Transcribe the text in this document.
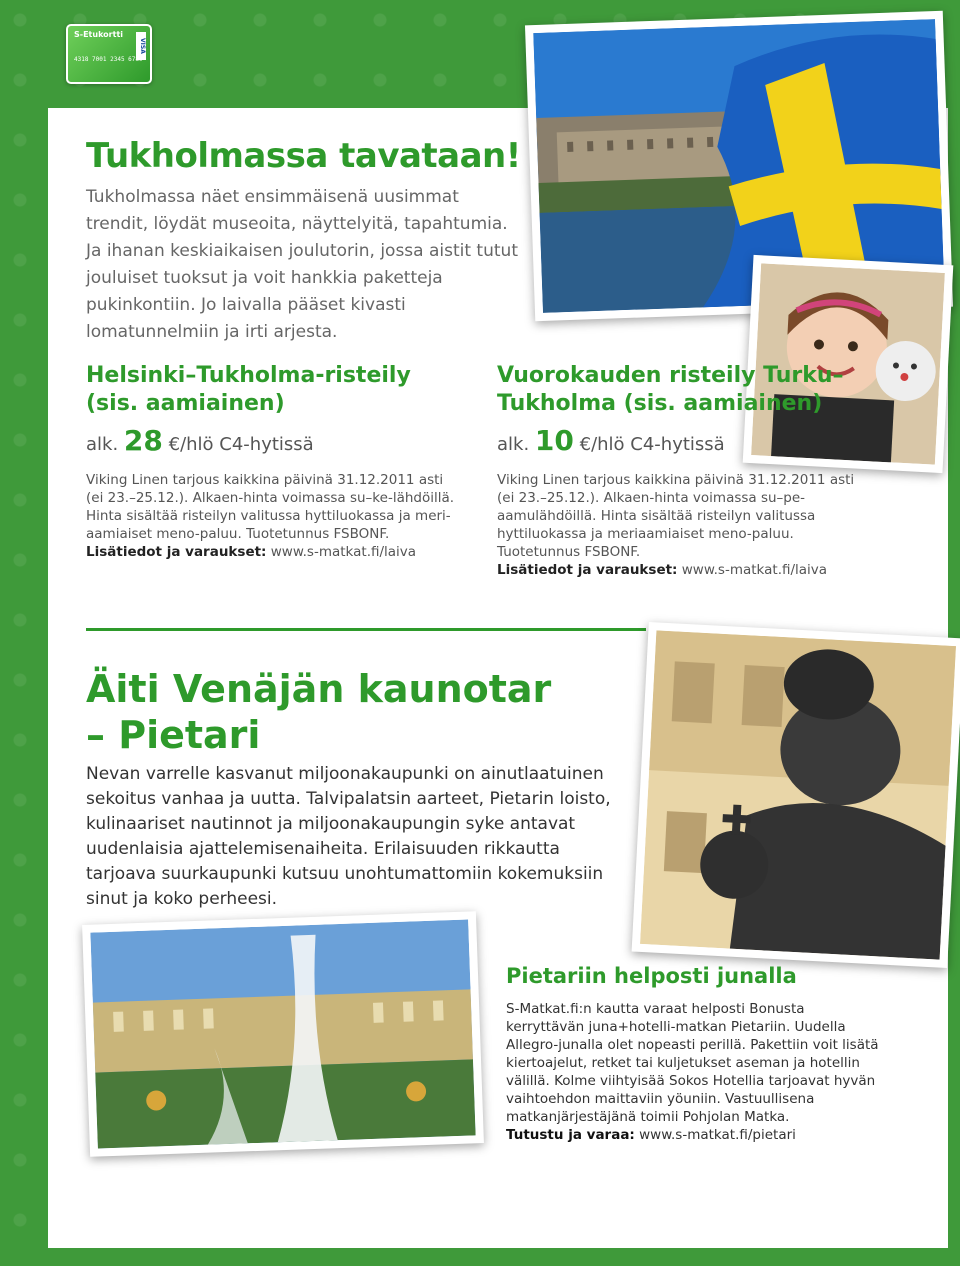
S-Etukortti
VISA
4318 7001 2345 6789
Tukholmassa tavataan!

Tukholmassa näet ensimmäisenä uusimmat trendit, löydät museoita, näyttelyitä, tapahtumia. Ja ihanan keskiaikaisen joulutorin, jossa aistit tutut jouluiset tuoksut ja voit hankkia paketteja pukinkontiin. Jo laivalla pääset kivasti lomatunnelmiin ja irti arjesta.

Helsinki–Tukholma-risteily (sis. aamiainen)
alk. 28 €/hlö C4-hytissä
Viking Linen tarjous kaikkina päivinä 31.12.2011 asti (ei 23.–25.12.). Alkaen-hinta voimassa su–ke-lähdöillä. Hinta sisältää risteilyn valitussa hyttiluokassa ja meri-aamiaiset meno-paluu. Tuotetunnus FSBONF.
Lisätiedot ja varaukset: www.s-matkat.fi/laiva
Vuorokauden risteily Turku–Tukholma (sis. aamiainen)
alk. 10 €/hlö C4-hytissä
Viking Linen tarjous kaikkina päivinä 31.12.2011 asti (ei 23.–25.12.). Alkaen-hinta voimassa su–pe-aamulähdöillä. Hinta sisältää risteilyn valitussa hyttiluokassa ja meriaamiaiset meno-paluu. Tuotetunnus FSBONF.
Lisätiedot ja varaukset: www.s-matkat.fi/laiva
Äiti Venäjän kaunotar – Pietari

Nevan varrelle kasvanut miljoonakaupunki on ainutlaatuinen sekoitus vanhaa ja uutta. Talvipalatsin aarteet, Pietarin loisto, kulinaariset nautinnot ja miljoonakaupungin syke antavat uudenlaisia ajattelemisenaiheita. Erilaisuuden rikkautta tarjoava suurkaupunki kutsuu unohtumattomiin kokemuksiin sinut ja koko perheesi.

Pietariin helposti junalla
S-Matkat.fi:n kautta varaat helposti Bonusta kerryttävän juna+hotelli-matkan Pietariin. Uudella Allegro-junalla olet nopeasti perillä. Pakettiin voit lisätä kiertoajelut, retket tai kuljetukset aseman ja hotellin välillä. Kolme viihtyisää Sokos Hotellia tarjoavat hyvän vaihtoehdon maittaviin yöuniin. Vastuullisena matkanjärjestäjänä toimii Pohjolan Matka.
Tutustu ja varaa: www.s-matkat.fi/pietari
4
